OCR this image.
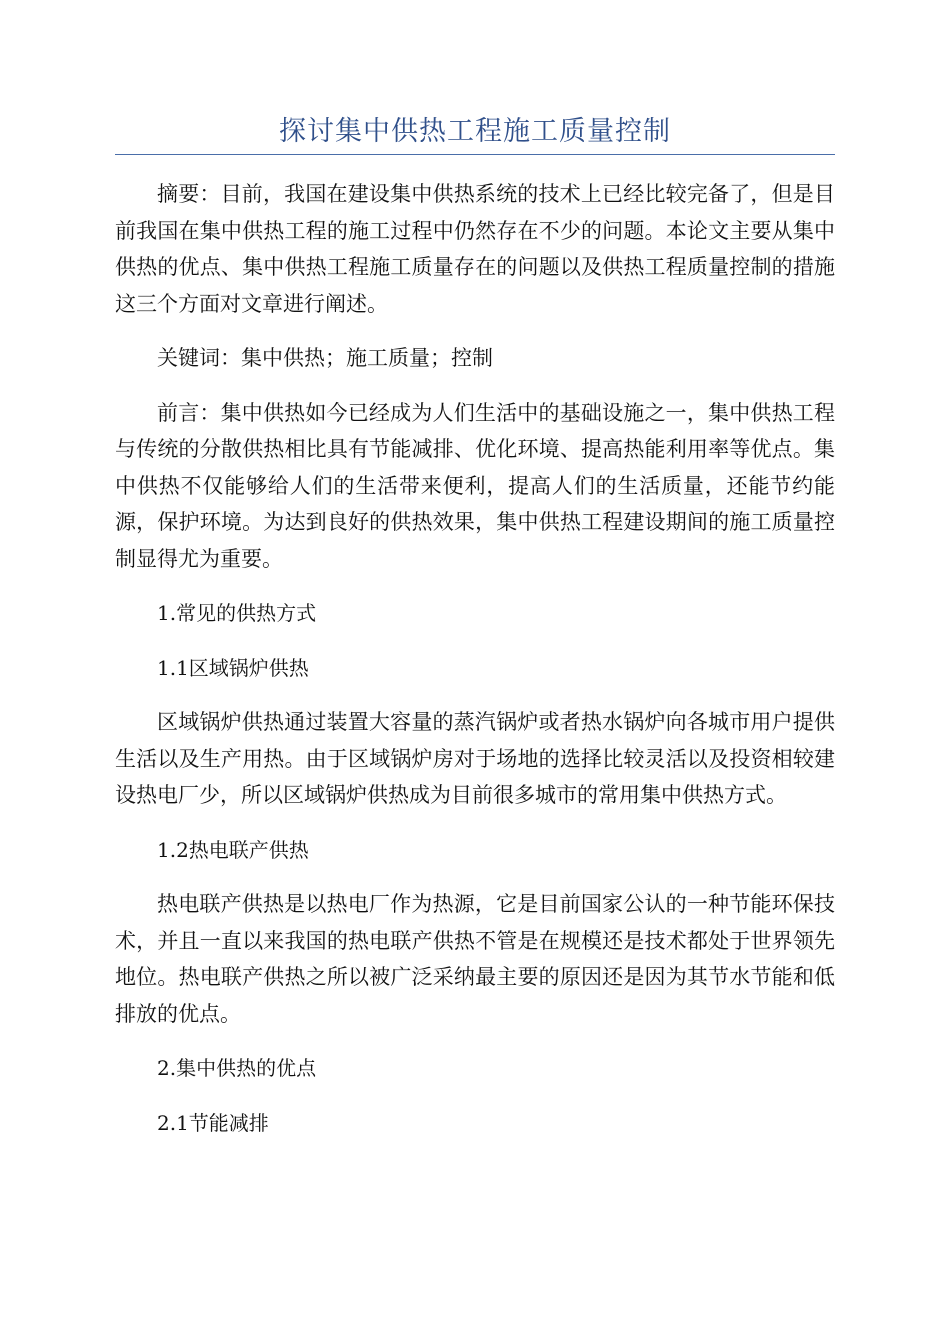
探讨集中供热工程施工质量控制

摘要：目前，我国在建设集中供热系统的技术上已经比较完备了，但是目前我国在集中供热工程的施工过程中仍然存在不少的问题。本论文主要从集中供热的优点、集中供热工程施工质量存在的问题以及供热工程质量控制的措施这三个方面对文章进行阐述。

关键词：集中供热；施工质量；控制

前言：集中供热如今已经成为人们生活中的基础设施之一，集中供热工程与传统的分散供热相比具有节能减排、优化环境、提高热能利用率等优点。集中供热不仅能够给人们的生活带来便利，提高人们的生活质量，还能节约能源，保护环境。为达到良好的供热效果，集中供热工程建设期间的施工质量控制显得尤为重要。

1.常见的供热方式

1.1区域锅炉供热

区域锅炉供热通过装置大容量的蒸汽锅炉或者热水锅炉向各城市用户提供生活以及生产用热。由于区域锅炉房对于场地的选择比较灵活以及投资相较建设热电厂少，所以区域锅炉供热成为目前很多城市的常用集中供热方式。

1.2热电联产供热

热电联产供热是以热电厂作为热源，它是目前国家公认的一种节能环保技术，并且一直以来我国的热电联产供热不管是在规模还是技术都处于世界领先地位。热电联产供热之所以被广泛采纳最主要的原因还是因为其节水节能和低排放的优点。

2.集中供热的优点

2.1节能减排
